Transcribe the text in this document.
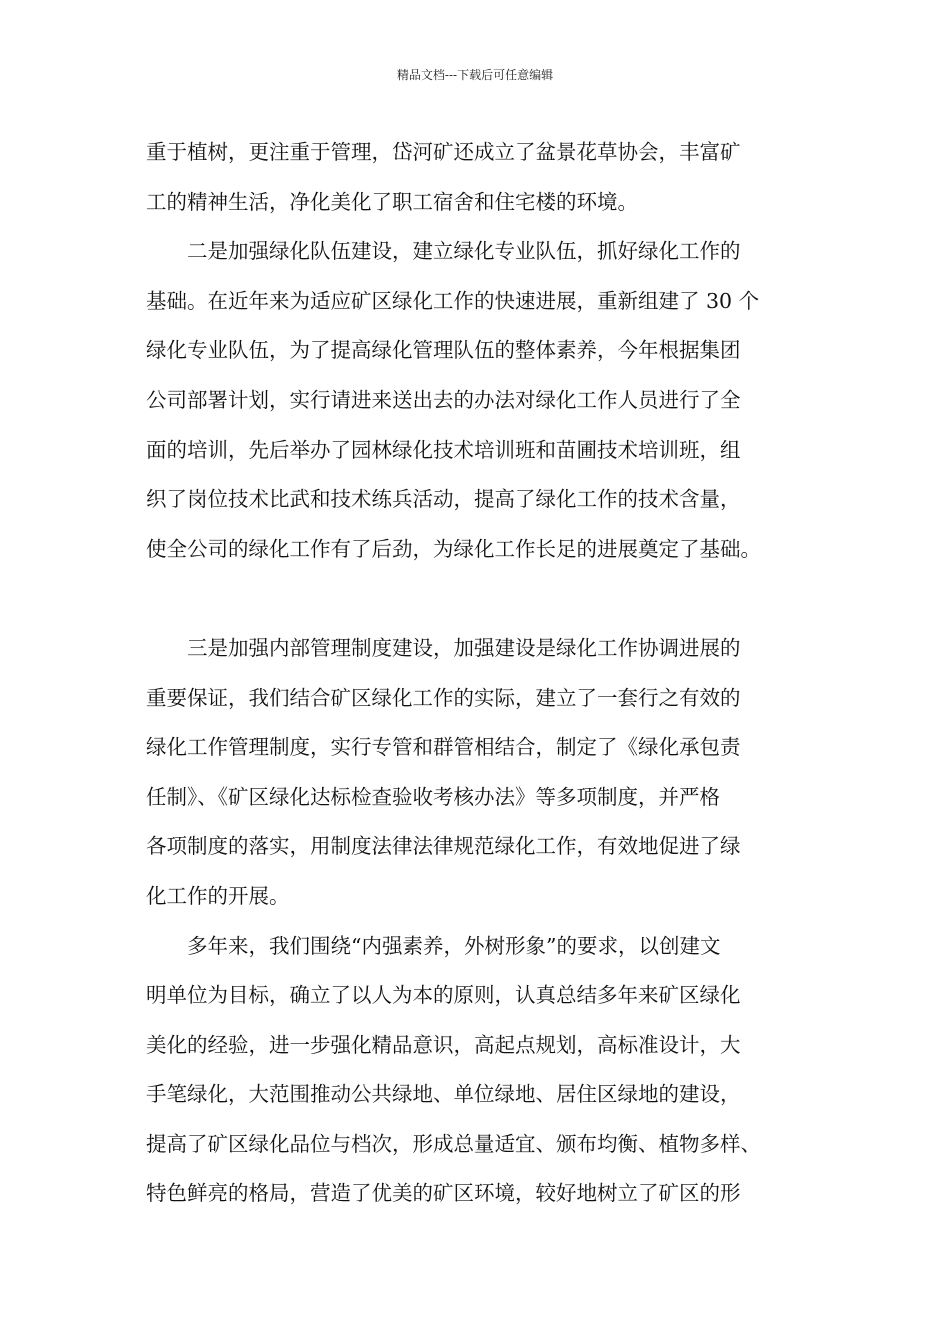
精品文档---下载后可任意编辑
重于植树，更注重于管理，岱河矿还成立了盆景花草协会，丰富矿
工的精神生活，净化美化了职工宿舍和住宅楼的环境。
　　二是加强绿化队伍建设，建立绿化专业队伍，抓好绿化工作的
基础。在近年来为适应矿区绿化工作的快速进展，重新组建了 30 个
绿化专业队伍，为了提高绿化管理队伍的整体素养，今年根据集团
公司部署计划，实行请进来送出去的办法对绿化工作人员进行了全
面的培训，先后举办了园林绿化技术培训班和苗圃技术培训班，组
织了岗位技术比武和技术练兵活动，提高了绿化工作的技术含量，
使全公司的绿化工作有了后劲，为绿化工作长足的进展奠定了基础。
　　三是加强内部管理制度建设，加强建设是绿化工作协调进展的
重要保证，我们结合矿区绿化工作的实际，建立了一套行之有效的
绿化工作管理制度，实行专管和群管相结合，制定了《绿化承包责
任制》、《矿区绿化达标检查验收考核办法》等多项制度，并严格
各项制度的落实，用制度法律法律规范绿化工作，有效地促进了绿
化工作的开展。
　　多年来，我们围绕“内强素养，外树形象”的要求，以创建文
明单位为目标，确立了以人为本的原则，认真总结多年来矿区绿化
美化的经验，进一步强化精品意识，高起点规划，高标准设计，大
手笔绿化，大范围推动公共绿地、单位绿地、居住区绿地的建设，
提高了矿区绿化品位与档次，形成总量适宜、颁布均衡、植物多样、
特色鲜亮的格局，营造了优美的矿区环境，较好地树立了矿区的形
